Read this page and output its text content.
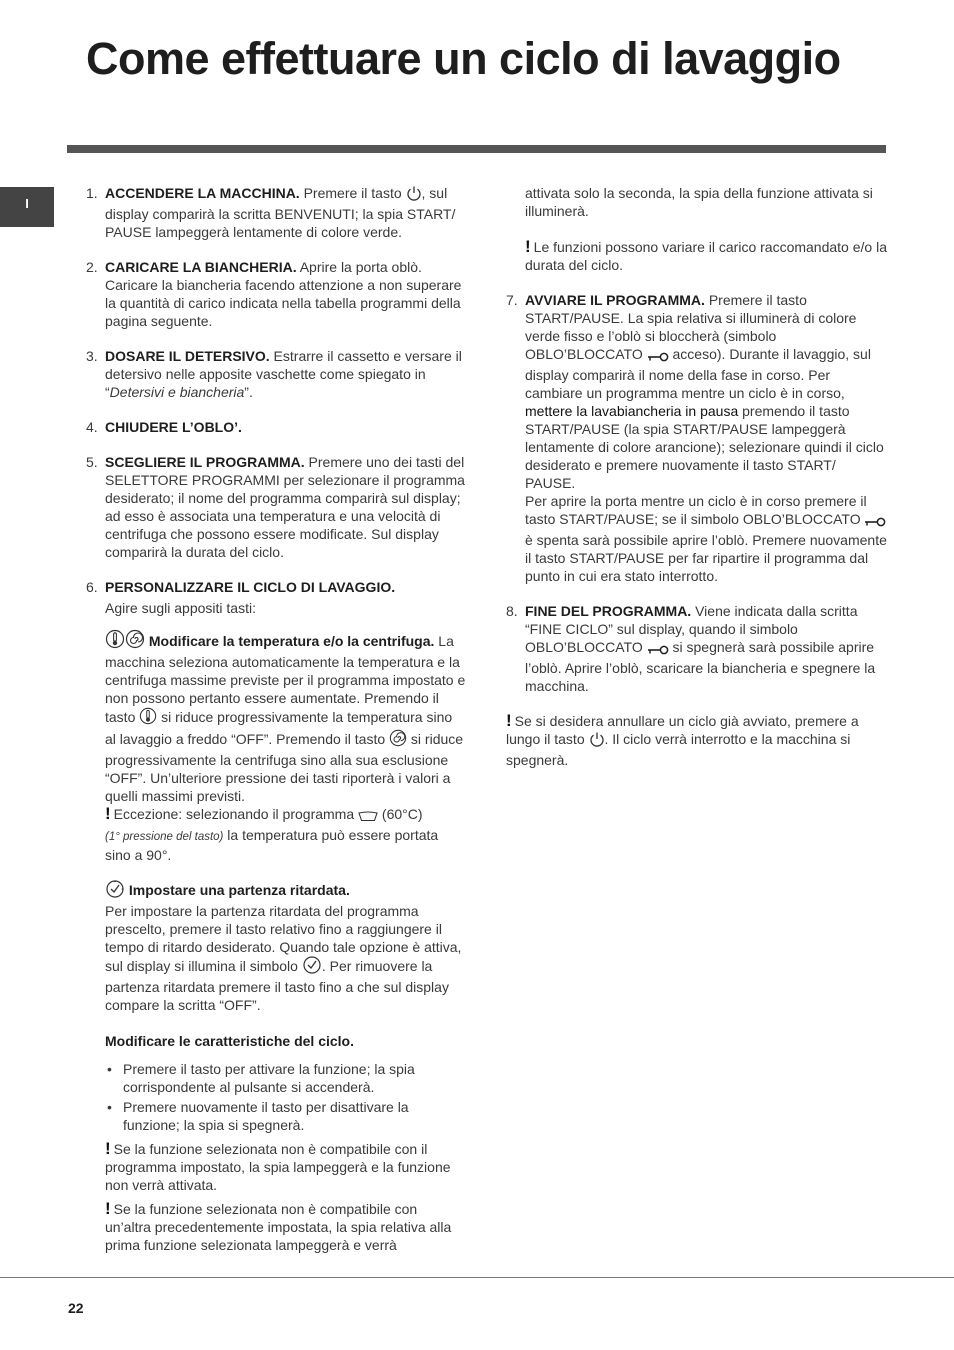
Come effettuare un ciclo di lavaggio
I
1. ACCENDERE LA MACCHINA. Premere il tasto , sul display comparirà la scritta BENVENUTI; la spia START/ PAUSE lampeggerà lentamente di colore verde.
2. CARICARE LA BIANCHERIA. Aprire la porta oblò. Caricare la biancheria facendo attenzione a non superare la quantità di carico indicata nella tabella programmi della pagina seguente.
3. DOSARE IL DETERSIVO. Estrarre il cassetto e versare il detersivo nelle apposite vaschette come spiegato in “Detersivi e biancheria”.
4. CHIUDERE L’OBLO’.
5. SCEGLIERE IL PROGRAMMA. Premere uno dei tasti del SELETTORE PROGRAMMI per selezionare il programma desiderato; il nome del programma comparirà sul display; ad esso è associata una temperatura e una velocità di centrifuga che possono essere modificate. Sul display comparirà la durata del ciclo.
6. PERSONALIZZARE IL CICLO DI LAVAGGIO.
Agire sugli appositi tasti:
Modificare la temperatura e/o la centrifuga. La macchina seleziona automaticamente la temperatura e la centrifuga massime previste per il programma impostato e non possono pertanto essere aumentate. Premendo il tasto  si riduce progressivamente la temperatura sino al lavaggio a freddo “OFF”. Premendo il tasto  si riduce progressivamente la centrifuga sino alla sua esclusione “OFF”. Un’ulteriore pressione dei tasti riporterà i valori a quelli massimi previsti.
! Eccezione: selezionando il programma  (60°C)
(1° pressione del tasto) la temperatura può essere portata sino a 90°.
Impostare una partenza ritardata.
Per impostare la partenza ritardata del programma prescelto, premere il tasto relativo fino a raggiungere il tempo di ritardo desiderato. Quando tale opzione è attiva, sul display si illumina il simbolo . Per rimuovere la partenza ritardata premere il tasto fino a che sul display compare la scritta “OFF”.
Modificare le caratteristiche del ciclo.
• Premere il tasto per attivare la funzione; la spia corrispondente al pulsante si accenderà.
• Premere nuovamente il tasto per disattivare la funzione; la spia si spegnerà.
! Se la funzione selezionata non è compatibile con il programma impostato, la spia lampeggerà e la funzione non verrà attivata.
! Se la funzione selezionata non è compatibile con un’altra precedentemente impostata, la spia relativa alla prima funzione selezionata lampeggerà e verrà
attivata solo la seconda, la spia della funzione attivata si illuminerà.
! Le funzioni possono variare il carico raccomandato e/o la durata del ciclo.
7. AVVIARE IL PROGRAMMA. Premere il tasto START/PAUSE. La spia relativa si illuminerà di colore verde fisso e l’oblò si bloccherà (simbolo OBLO’BLOCCATO  acceso). Durante il lavaggio, sul display comparirà il nome della fase in corso. Per cambiare un programma mentre un ciclo è in corso, mettere la lavabiancheria in pausa premendo il tasto START/PAUSE (la spia START/PAUSE lampeggerà lentamente di colore arancione); selezionare quindi il ciclo desiderato e premere nuovamente il tasto START/ PAUSE.
Per aprire la porta mentre un ciclo è in corso premere il tasto START/PAUSE; se il simbolo OBLO’BLOCCATO  è spenta sarà possibile aprire l’oblò. Premere nuovamente il tasto START/PAUSE per far ripartire il programma dal punto in cui era stato interrotto.
8. FINE DEL PROGRAMMA. Viene indicata dalla scritta “FINE CICLO” sul display, quando il simbolo OBLO’BLOCCATO  si spegnerà sarà possibile aprire l’oblò. Aprire l’oblò, scaricare la biancheria e spegnere la macchina.
! Se si desidera annullare un ciclo già avviato, premere a lungo il tasto . Il ciclo verrà interrotto e la macchina si spegnerà.
22
